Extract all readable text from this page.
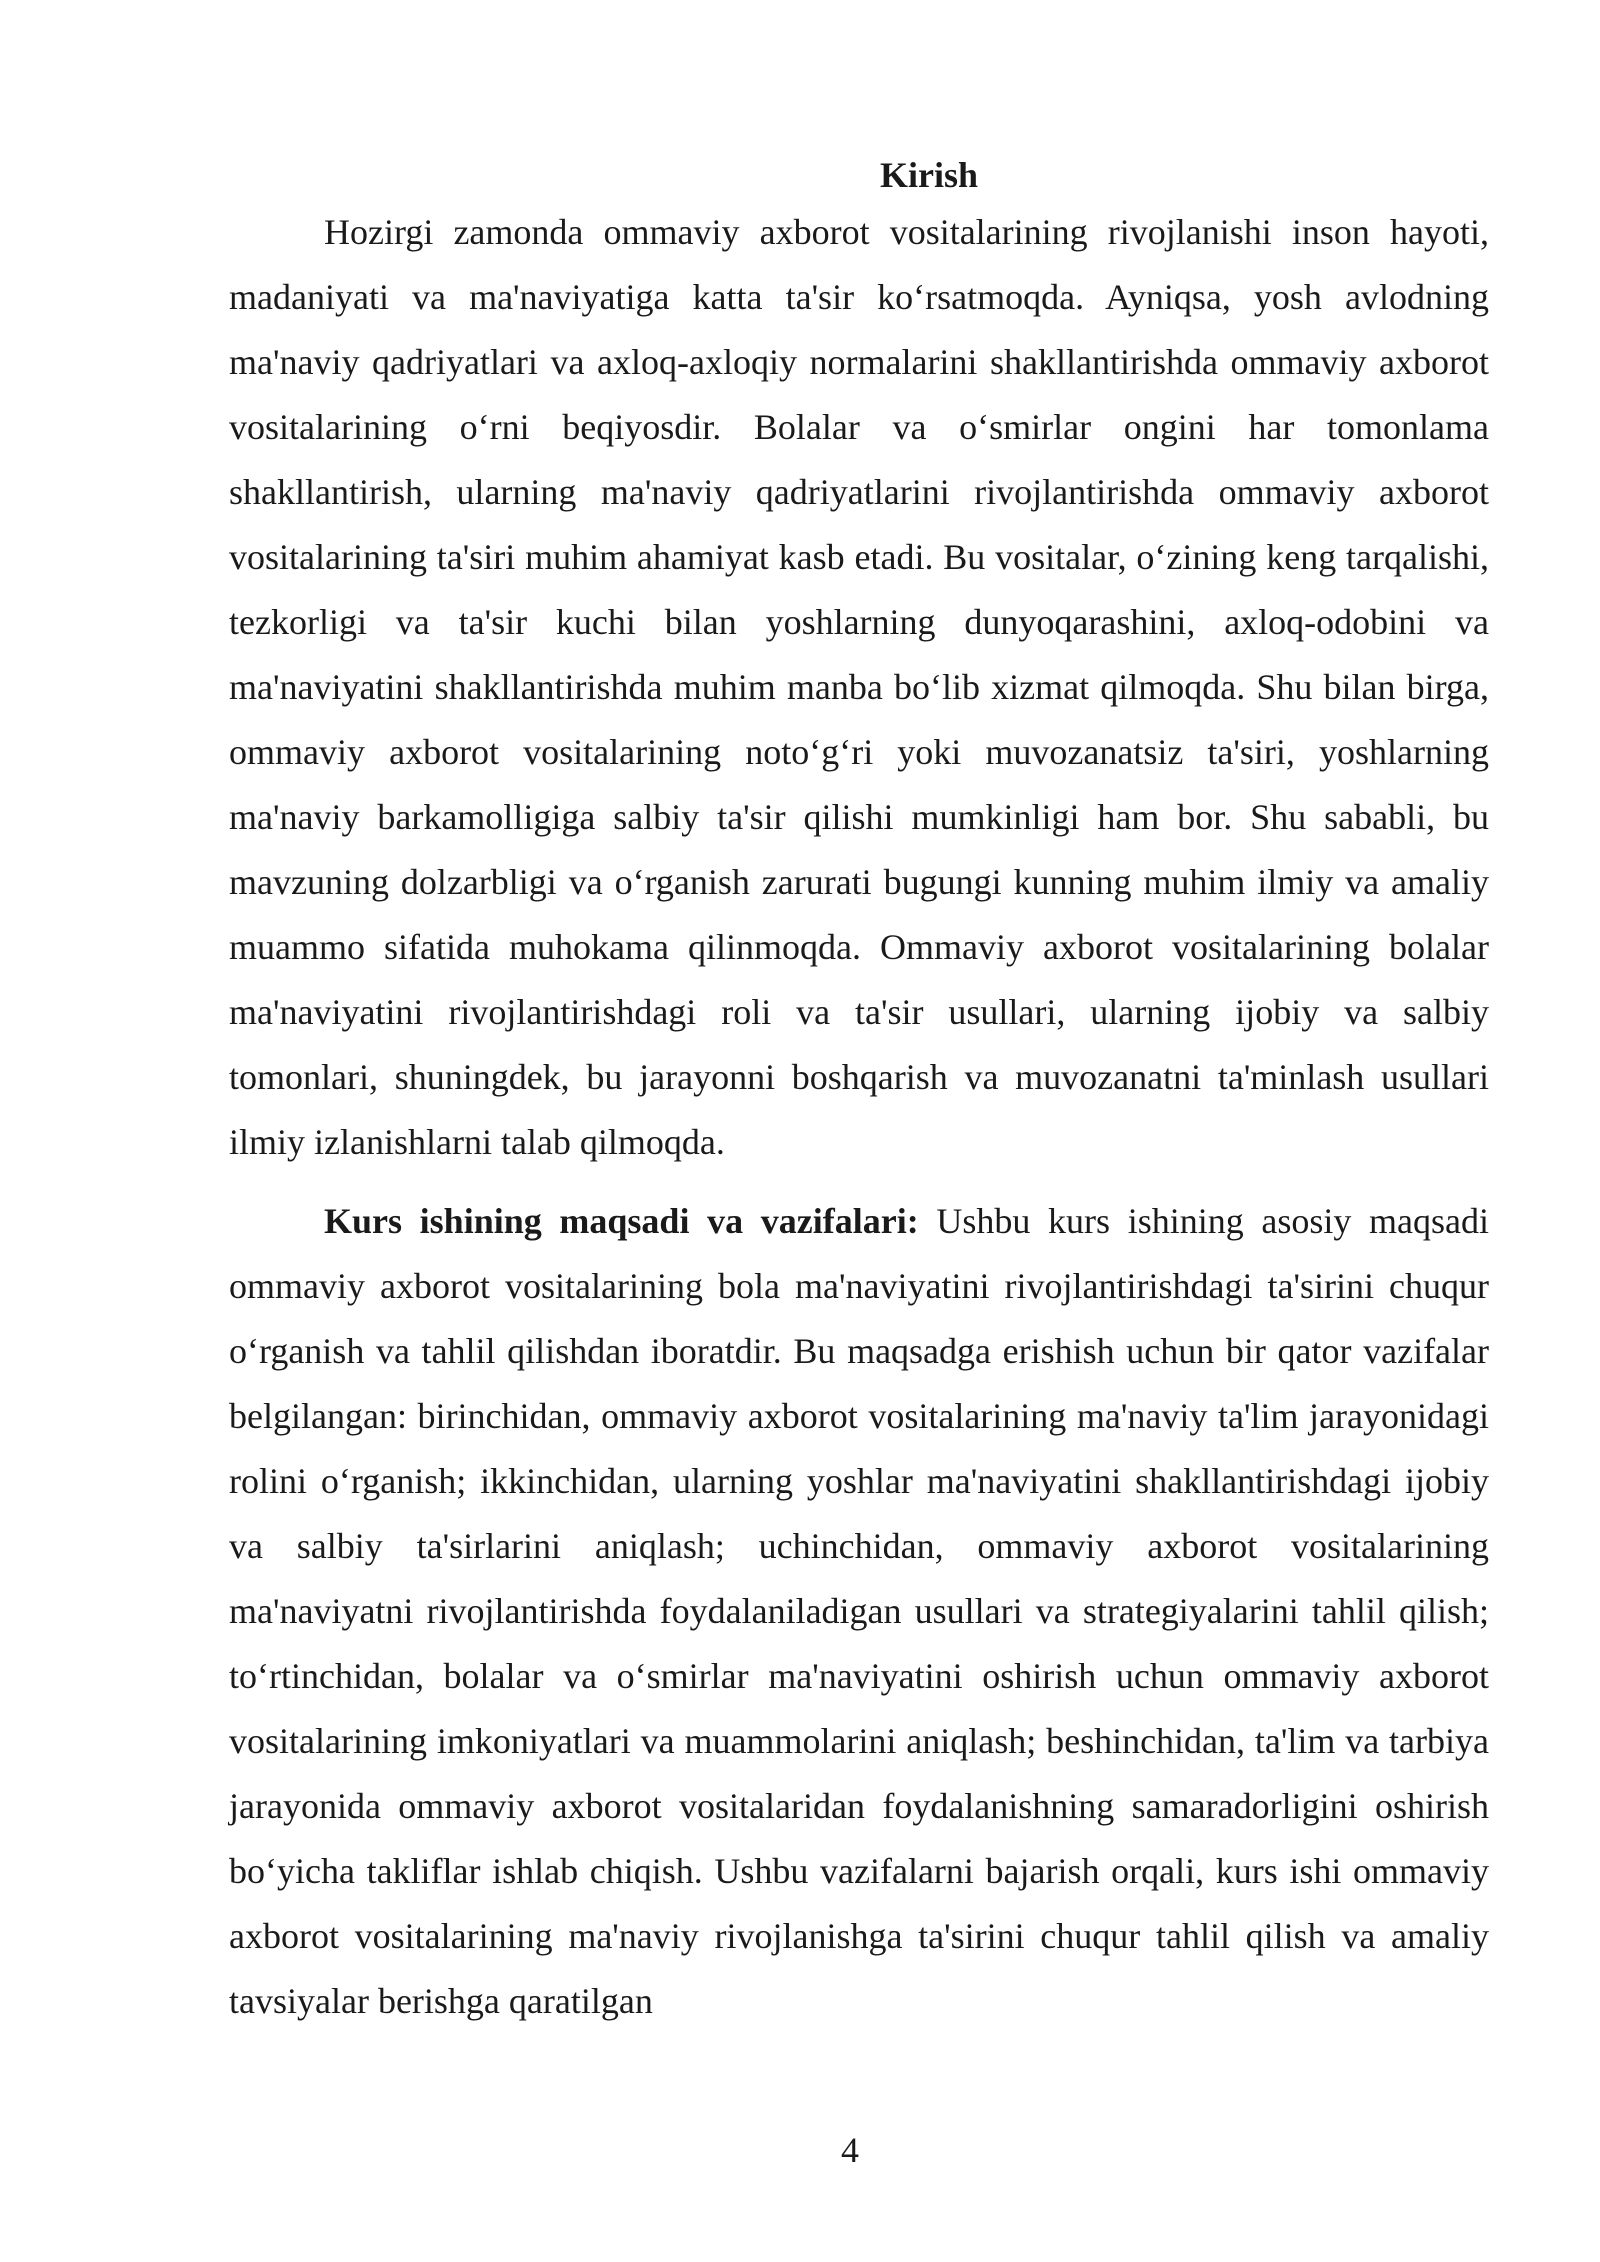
Kirish

Hozirgi zamonda ommaviy axborot vositalarining rivojlanishi inson hayoti, madaniyati va ma'naviyatiga katta ta'sir ko‘rsatmoqda. Ayniqsa, yosh avlodning ma'naviy qadriyatlari va axloq-axloqiy normalarini shakllantirishda ommaviy axborot vositalarining o‘rni beqiyosdir. Bolalar va o‘smirlar ongini har tomonlama shakllantirish, ularning ma'naviy qadriyatlarini rivojlantirishda ommaviy axborot vositalarining ta'siri muhim ahamiyat kasb etadi. Bu vositalar, o‘zining keng tarqalishi, tezkorligi va ta'sir kuchi bilan yoshlarning dunyoqarashini, axloq-odobini va ma'naviyatini shakllantirishda muhim manba bo‘lib xizmat qilmoqda. Shu bilan birga, ommaviy axborot vositalarining noto‘g‘ri yoki muvozanatsiz ta'siri, yoshlarning ma'naviy barkamolligiga salbiy ta'sir qilishi mumkinligi ham bor. Shu sababli, bu mavzuning dolzarbligi va o‘rganish zarurati bugungi kunning muhim ilmiy va amaliy muammo sifatida muhokama qilinmoqda. Ommaviy axborot vositalarining bolalar ma'naviyatini rivojlantirishdagi roli va ta'sir usullari, ularning ijobiy va salbiy tomonlari, shuningdek, bu jarayonni boshqarish va muvozanatni ta'minlash usullari ilmiy izlanishlarni talab qilmoqda.

Kurs ishining maqsadi va vazifalari: Ushbu kurs ishining asosiy maqsadi ommaviy axborot vositalarining bola ma'naviyatini rivojlantirishdagi ta'sirini chuqur o‘rganish va tahlil qilishdan iboratdir. Bu maqsadga erishish uchun bir qator vazifalar belgilangan: birinchidan, ommaviy axborot vositalarining ma'naviy ta'lim jarayonidagi rolini o‘rganish; ikkinchidan, ularning yoshlar ma'naviyatini shakllantirishdagi ijobiy va salbiy ta'sirlarini aniqlash; uchinchidan, ommaviy axborot vositalarining ma'naviyatni rivojlantirishda foydalaniladigan usullari va strategiyalarini tahlil qilish; to‘rtinchidan, bolalar va o‘smirlar ma'naviyatini oshirish uchun ommaviy axborot vositalarining imkoniyatlari va muammolarini aniqlash; beshinchidan, ta'lim va tarbiya jarayonida ommaviy axborot vositalaridan foydalanishning samaradorligini oshirish bo‘yicha takliflar ishlab chiqish. Ushbu vazifalarni bajarish orqali, kurs ishi ommaviy axborot vositalarining ma'naviy rivojlanishga ta'sirini chuqur tahlil qilish va amaliy tavsiyalar berishga qaratilgan

4
